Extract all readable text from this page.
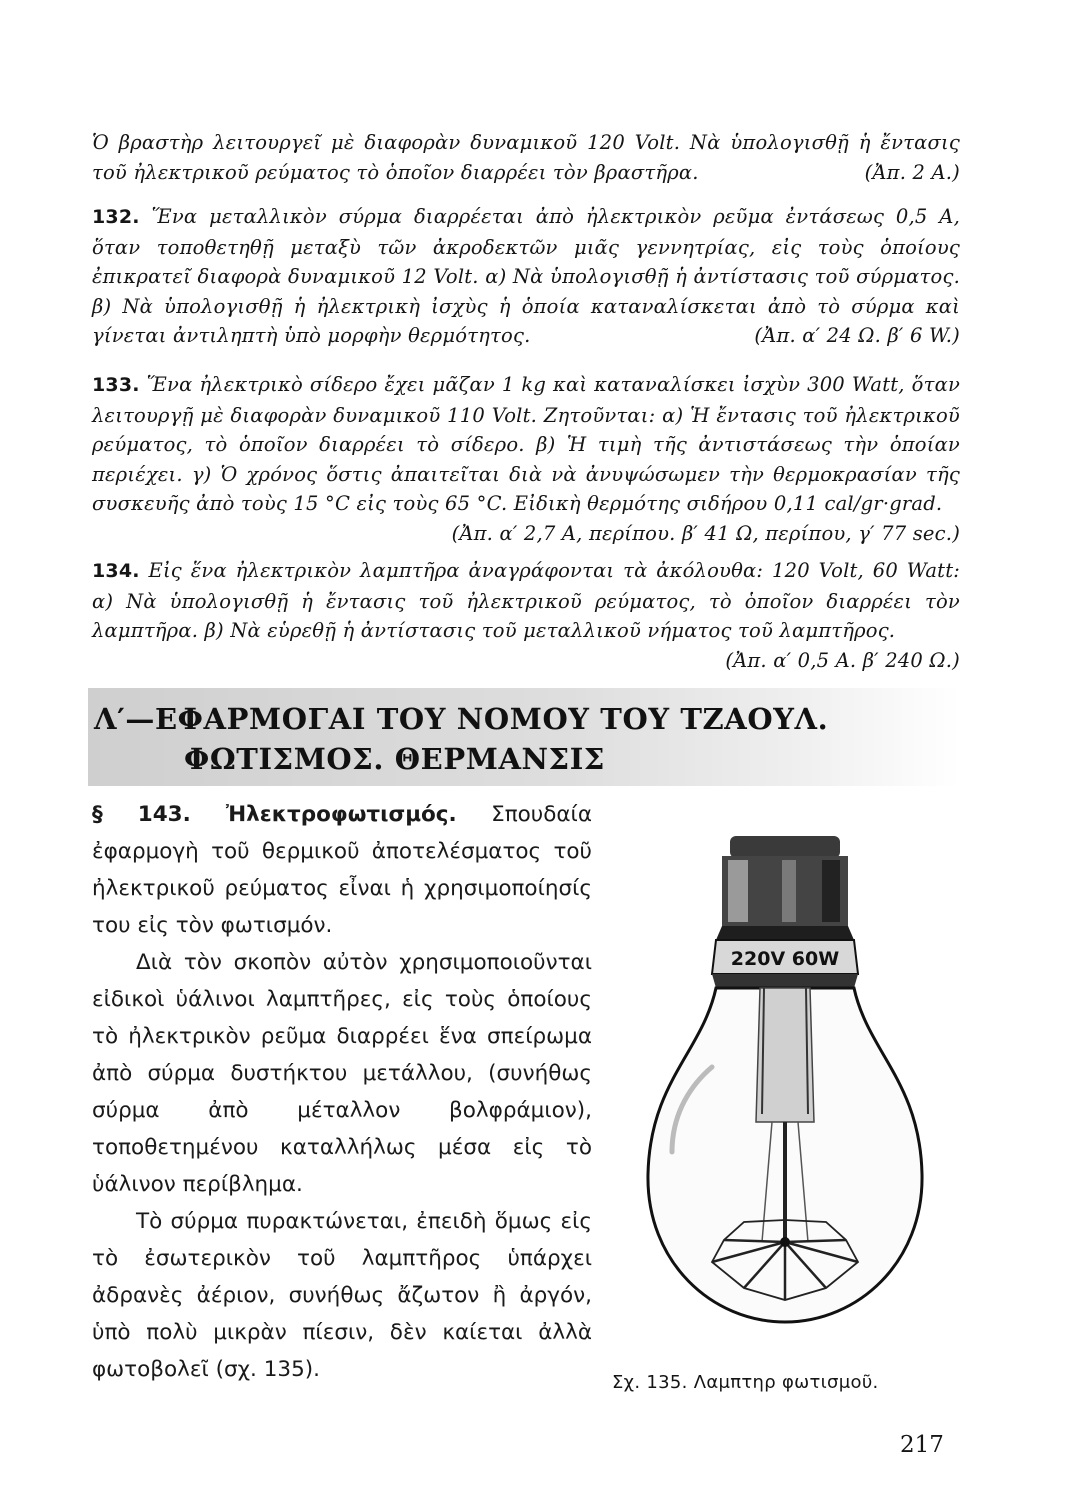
Ὁ βραστὴρ λειτουργεῖ μὲ διαφορὰν δυναμικοῦ 120 Volt. Νὰ ὑπολογισθῇ ἡ ἔντασις τοῦ ἠλεκτρικοῦ ρεύματος τὸ ὁποῖον διαρρέει τὸν βραστῆρα.	(Ἀπ. 2 A.)
132. Ἕνα μεταλλικὸν σύρμα διαρρέεται ἀπὸ ἠλεκτρικὸν ρεῦμα ἐντάσεως 0,5 A, ὅταν τοποθετηθῇ μεταξὺ τῶν ἀκροδεκτῶν μιᾶς γεννητρίας, εἰς τοὺς ὁποίους ἐπικρατεῖ διαφορὰ δυναμικοῦ 12 Volt. α) Νὰ ὑπολογισθῇ ἡ ἀντίστασις τοῦ σύρματος. β) Νὰ ὑπολογισθῇ ἡ ἠλεκτρικὴ ἰσχὺς ἡ ὁποία καταναλίσκεται ἀπὸ τὸ σύρμα καὶ γίνεται ἀντιληπτὴ ὑπὸ μορφὴν θερμότητος.	(Ἀπ. α′ 24 Ω. β′ 6 W.)
133. Ἕνα ἠλεκτρικὸ σίδερο ἔχει μᾶζαν 1 kg καὶ καταναλίσκει ἰσχὺν 300 Watt, ὅταν λειτουργῇ μὲ διαφορὰν δυναμικοῦ 110 Volt. Ζητοῦνται: α) Ἡ ἔντασις τοῦ ἠλεκτρικοῦ ρεύματος, τὸ ὁποῖον διαρρέει τὸ σίδερο. β) Ἡ τιμὴ τῆς ἀντιστάσεως τὴν ὁποίαν περιέχει. γ) Ὁ χρόνος ὅστις ἀπαιτεῖται διὰ νὰ ἀνυψώσωμεν τὴν θερμοκρασίαν τῆς συσκευῆς ἀπὸ τοὺς 15 °C εἰς τοὺς 65 °C. Εἰδικὴ θερμότης σιδήρου 0,11 cal/gr·grad.
(Ἀπ. α′ 2,7 A, περίπου. β′ 41 Ω, περίπου, γ′ 77 sec.)
134. Εἰς ἕνα ἠλεκτρικὸν λαμπτῆρα ἀναγράφονται τὰ ἀκόλουθα: 120 Volt, 60 Watt: α) Νὰ ὑπολογισθῇ ἡ ἔντασις τοῦ ἠλεκτρικοῦ ρεύματος, τὸ ὁποῖον διαρρέει τὸν λαμπτῆρα. β) Νὰ εὑρεθῇ ἡ ἀντίστασις τοῦ μεταλλικοῦ νήματος τοῦ λαμπτῆρος.
(Ἀπ. α′ 0,5 A. β′ 240 Ω.)
Λ′—ΕΦΑΡΜΟΓΑΙ ΤΟΥ ΝΟΜΟΥ ΤΟΥ ΤΖΑΟΥΛ.
ΦΩΤΙΣΜΟΣ. ΘΕΡΜΑΝΣΙΣ

§ 143. Ἠλεκτροφωτισμός. Σπουδαία ἐφαρμογὴ τοῦ θερμικοῦ ἀποτελέσματος τοῦ ἠλεκτρικοῦ ρεύματος εἶναι ἡ χρησιμοποίησίς του εἰς τὸν φωτισμόν.

Διὰ τὸν σκοπὸν αὐτὸν χρησιμοποιοῦνται εἰδικοὶ ὑάλινοι λαμπτῆρες, εἰς τοὺς ὁποίους τὸ ἠλεκτρικὸν ρεῦμα διαρρέει ἕνα σπείρωμα ἀπὸ σύρμα δυστήκτου μετάλλου, (συνήθως σύρμα ἀπὸ μέταλλον βολφράμιον), τοποθετημένου καταλλήλως μέσα εἰς τὸ ὑάλινον περίβλημα.

Τὸ σύρμα πυρακτώνεται, ἐπειδὴ ὅμως εἰς τὸ ἐσωτερικὸν τοῦ λαμπτῆρος ὑπάρχει ἀδρανὲς ἀέριον, συνήθως ἄζωτον ἢ ἀργόν, ὑπὸ πολὺ μικρὰν πίεσιν, δὲν καίεται ἀλλὰ φωτοβολεῖ (σχ. 135).

220V 60W
Σχ. 135. Λαμπτηρ φωτισμοῦ.
217
